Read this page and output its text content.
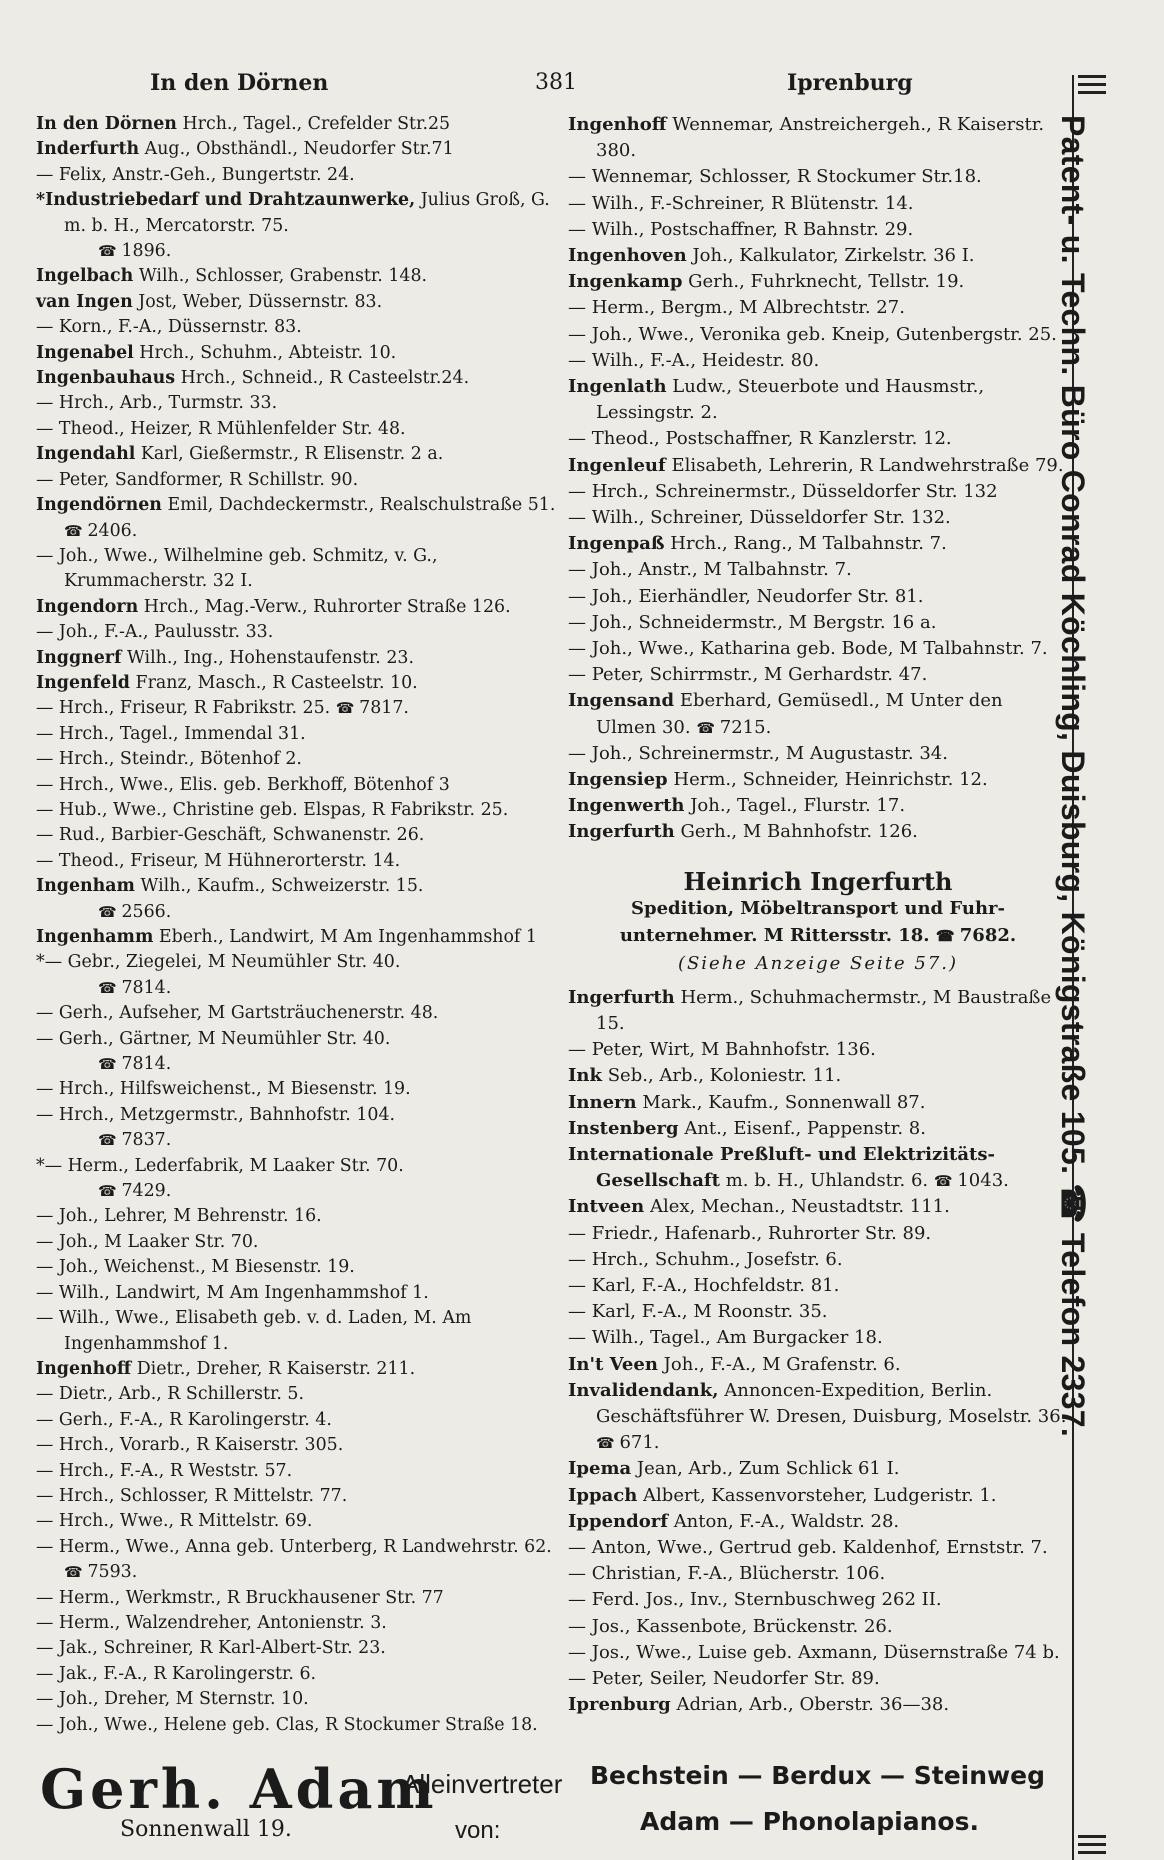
In den Dörnen	381	Iprenburg
In den Dörnen Hrch., Tagel., Crefelder Str.25
Inderfurth Aug., Obsthändl., Neudorfer Str.71
— Felix, Anstr.-Geh., Bungertstr. 24.
*Industriebedarf und Drahtzaunwerke, Julius Groß, G. m. b. H., Mercatorstr. 75.
☎ 1896.
Ingelbach Wilh., Schlosser, Grabenstr. 148.
van Ingen Jost, Weber, Düssernstr. 83.
— Korn., F.-A., Düssernstr. 83.
Ingenabel Hrch., Schuhm., Abteistr. 10.
Ingenbauhaus Hrch., Schneid., R Casteelstr.24.
— Hrch., Arb., Turmstr. 33.
— Theod., Heizer, R Mühlenfelder Str. 48.
Ingendahl Karl, Gießermstr., R Elisenstr. 2 a.
— Peter, Sandformer, R Schillstr. 90.
Ingendörnen Emil, Dachdeckermstr., Realschulstraße 51. ☎ 2406.
— Joh., Wwe., Wilhelmine geb. Schmitz, v. G., Krummacherstr. 32 I.
Ingendorn Hrch., Mag.-Verw., Ruhrorter Straße 126.
— Joh., F.-A., Paulusstr. 33.
Inggnerf Wilh., Ing., Hohenstaufenstr. 23.
Ingenfeld Franz, Masch., R Casteelstr. 10.
— Hrch., Friseur, R Fabrikstr. 25. ☎ 7817.
— Hrch., Tagel., Immendal 31.
— Hrch., Steindr., Bötenhof 2.
— Hrch., Wwe., Elis. geb. Berkhoff, Bötenhof 3
— Hub., Wwe., Christine geb. Elspas, R Fabrikstr. 25.
— Rud., Barbier-Geschäft, Schwanenstr. 26.
— Theod., Friseur, M Hühnerorterstr. 14.
Ingenham Wilh., Kaufm., Schweizerstr. 15.
☎ 2566.
Ingenhamm Eberh., Landwirt, M Am Ingenhammshof 1
*— Gebr., Ziegelei, M Neumühler Str. 40.
☎ 7814.
— Gerh., Aufseher, M Gartsträuchenerstr. 48.
— Gerh., Gärtner, M Neumühler Str. 40.
☎ 7814.
— Hrch., Hilfsweichenst., M Biesenstr. 19.
— Hrch., Metzgermstr., Bahnhofstr. 104.
☎ 7837.
*— Herm., Lederfabrik, M Laaker Str. 70.
☎ 7429.
— Joh., Lehrer, M Behrenstr. 16.
— Joh., M Laaker Str. 70.
— Joh., Weichenst., M Biesenstr. 19.
— Wilh., Landwirt, M Am Ingenhammshof 1.
— Wilh., Wwe., Elisabeth geb. v. d. Laden, M. Am Ingenhammshof 1.
Ingenhoff Dietr., Dreher, R Kaiserstr. 211.
— Dietr., Arb., R Schillerstr. 5.
— Gerh., F.-A., R Karolingerstr. 4.
— Hrch., Vorarb., R Kaiserstr. 305.
— Hrch., F.-A., R Weststr. 57.
— Hrch., Schlosser, R Mittelstr. 77.
— Hrch., Wwe., R Mittelstr. 69.
— Herm., Wwe., Anna geb. Unterberg, R Landwehrstr. 62. ☎ 7593.
— Herm., Werkmstr., R Bruckhausener Str. 77
— Herm., Walzendreher, Antonienstr. 3.
— Jak., Schreiner, R Karl-Albert-Str. 23.
— Jak., F.-A., R Karolingerstr. 6.
— Joh., Dreher, M Sternstr. 10.
— Joh., Wwe., Helene geb. Clas, R Stockumer Straße 18.
Ingenhoff Wennemar, Anstreichergeh., R Kaiserstr. 380.
— Wennemar, Schlosser, R Stockumer Str.18.
— Wilh., F.-Schreiner, R Blütenstr. 14.
— Wilh., Postschaffner, R Bahnstr. 29.
Ingenhoven Joh., Kalkulator, Zirkelstr. 36 I.
Ingenkamp Gerh., Fuhrknecht, Tellstr. 19.
— Herm., Bergm., M Albrechtstr. 27.
— Joh., Wwe., Veronika geb. Kneip, Gutenbergstr. 25.
— Wilh., F.-A., Heidestr. 80.
Ingenlath Ludw., Steuerbote und Hausmstr., Lessingstr. 2.
— Theod., Postschaffner, R Kanzlerstr. 12.
Ingenleuf Elisabeth, Lehrerin, R Landwehrstraße 79.
— Hrch., Schreinermstr., Düsseldorfer Str. 132
— Wilh., Schreiner, Düsseldorfer Str. 132.
Ingenpaß Hrch., Rang., M Talbahnstr. 7.
— Joh., Anstr., M Talbahnstr. 7.
— Joh., Eierhändler, Neudorfer Str. 81.
— Joh., Schneidermstr., M Bergstr. 16 a.
— Joh., Wwe., Katharina geb. Bode, M Talbahnstr. 7.
— Peter, Schirrmstr., M Gerhardstr. 47.
Ingensand Eberhard, Gemüsedl., M Unter den Ulmen 30. ☎ 7215.
— Joh., Schreinermstr., M Augustastr. 34.
Ingensiep Herm., Schneider, Heinrichstr. 12.
Ingenwerth Joh., Tagel., Flurstr. 17.
Ingerfurth Gerh., M Bahnhofstr. 126.
Heinrich Ingerfurth
Spedition, Möbeltransport und Fuhr-
unternehmer. M Rittersstr. 18. ☎ 7682.
(Siehe Anzeige Seite 57.)
Ingerfurth Herm., Schuhmachermstr., M Baustraße 15.
— Peter, Wirt, M Bahnhofstr. 136.
Ink Seb., Arb., Koloniestr. 11.
Innern Mark., Kaufm., Sonnenwall 87.
Instenberg Ant., Eisenf., Pappenstr. 8.
Internationale Preßluft- und Elektrizitäts-Gesellschaft m. b. H., Uhlandstr. 6. ☎ 1043.
Intveen Alex, Mechan., Neustadtstr. 111.
— Friedr., Hafenarb., Ruhrorter Str. 89.
— Hrch., Schuhm., Josefstr. 6.
— Karl, F.-A., Hochfeldstr. 81.
— Karl, F.-A., M Roonstr. 35.
— Wilh., Tagel., Am Burgacker 18.
In't Veen Joh., F.-A., M Grafenstr. 6.
Invalidendank, Annoncen-Expedition, Berlin. Geschäftsführer W. Dresen, Duisburg, Moselstr. 36. ☎ 671.
Ipema Jean, Arb., Zum Schlick 61 I.
Ippach Albert, Kassenvorsteher, Ludgeristr. 1.
Ippendorf Anton, F.-A., Waldstr. 28.
— Anton, Wwe., Gertrud geb. Kaldenhof, Ernststr. 7.
— Christian, F.-A., Blücherstr. 106.
— Ferd. Jos., Inv., Sternbuschweg 262 II.
— Jos., Kassenbote, Brückenstr. 26.
— Jos., Wwe., Luise geb. Axmann, Düsernstraße 74 b.
— Peter, Seiler, Neudorfer Str. 89.
Iprenburg Adrian, Arb., Oberstr. 36—38.
Patent- u. Techn. Büro Conrad Köchling, Duisburg, Königstraße 105. ☎ Telefon 2337.
Gerh. Adam
Sonnenwall 19.
Alleinvertreter
von:
Bechstein — Berdux — Steinweg
Adam — Phonolapianos.
